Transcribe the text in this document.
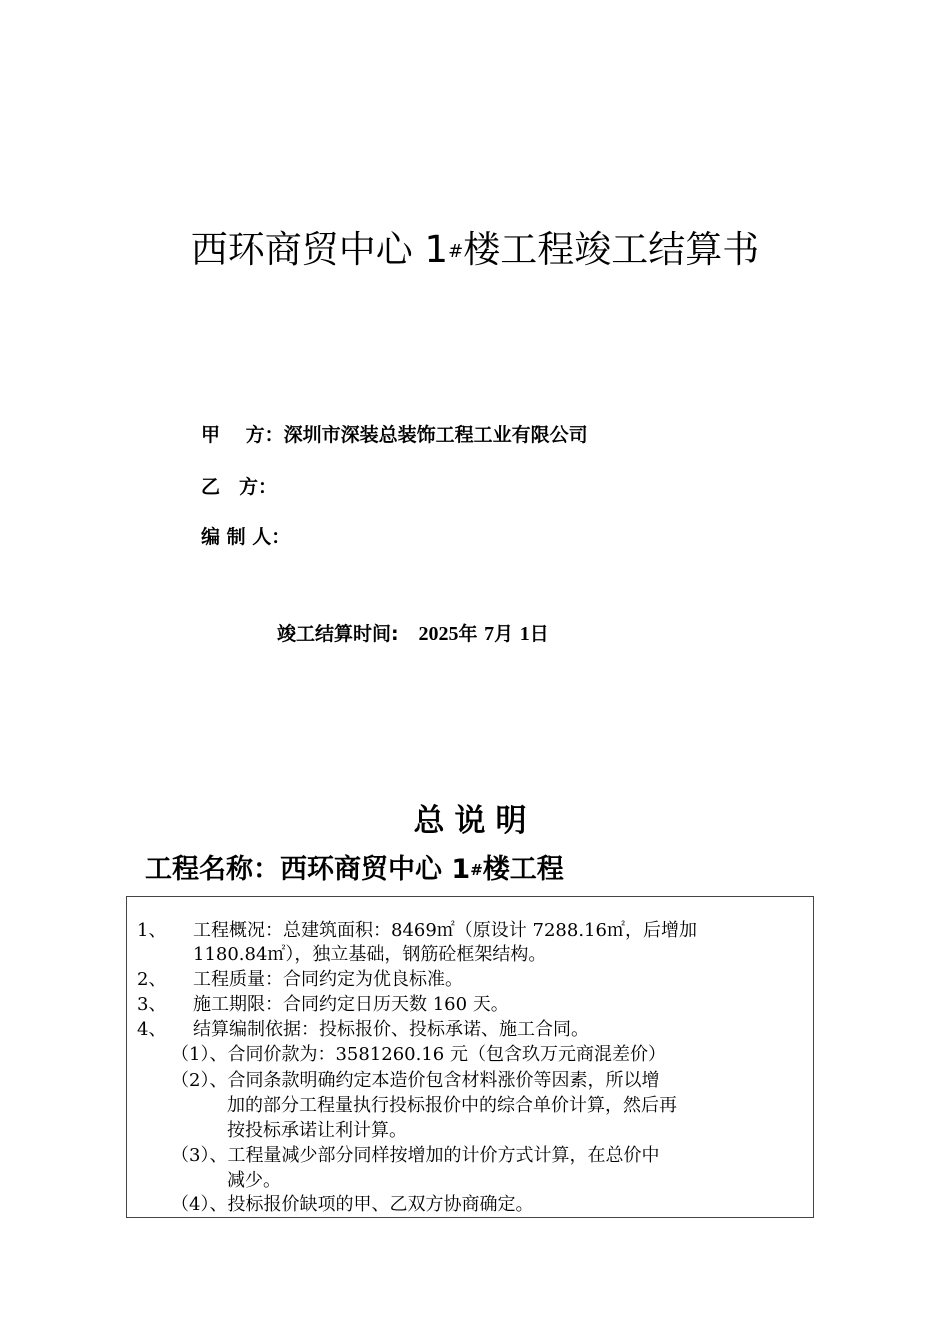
西环商贸中心 1#楼工程竣工结算书
甲　 方：深圳市深装总装饰工程工业有限公司
乙　方：
编 制 人：
竣工结算时间: 2025年 7月 1日
总说明
工程名称：西环商贸中心 1#楼工程
1、 工程概况：总建筑面积：8469㎡（原设计 7288.16㎡，后增加
1180.84㎡），独立基础，钢筋砼框架结构。
2、 工程质量：合同约定为优良标准。
3、 施工期限：合同约定日历天数 160 天。
4、 结算编制依据：投标报价、投标承诺、施工合同。
（1）、合同价款为：3581260.16 元（包含玖万元商混差价）
（2）、合同条款明确约定本造价包含材料涨价等因素，所以增
加的部分工程量执行投标报价中的综合单价计算，然后再
按投标承诺让利计算。
（3）、工程量减少部分同样按增加的计价方式计算，在总价中
减少。
（4）、投标报价缺项的甲、乙双方协商确定。
